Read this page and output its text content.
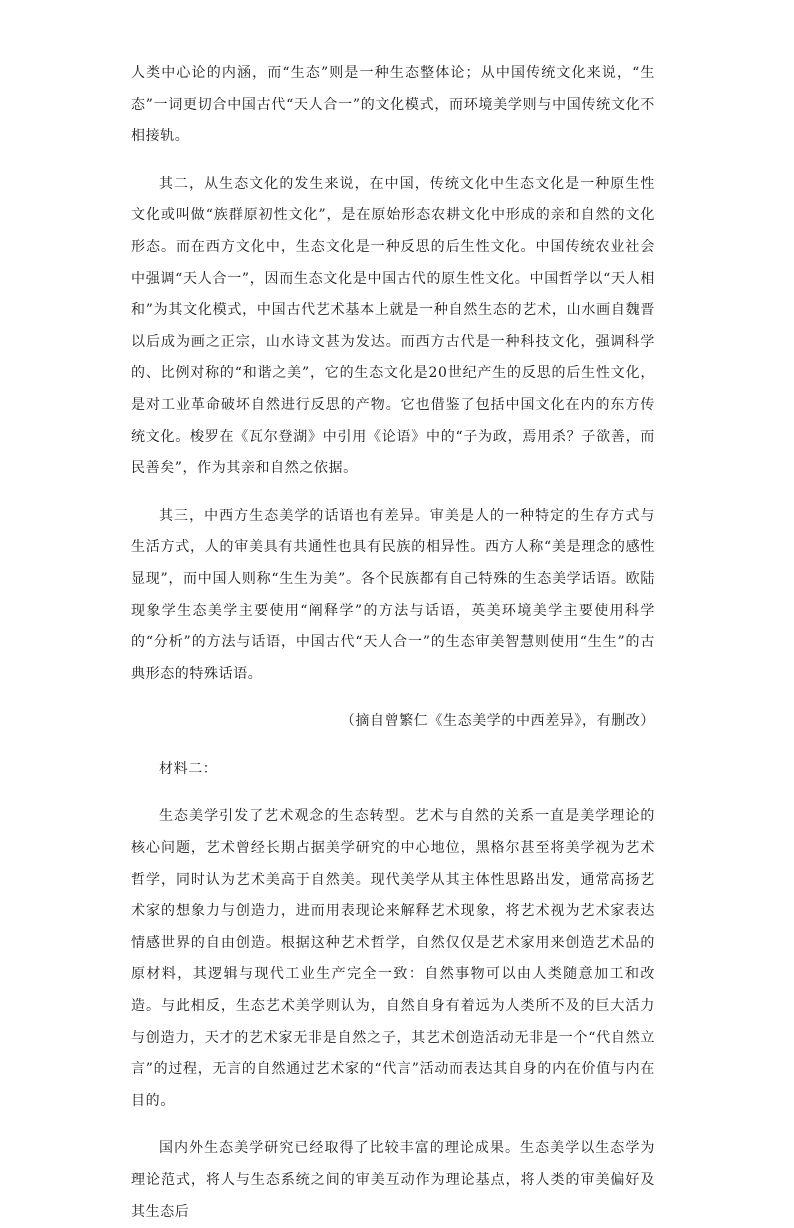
人类中心论的内涵，而“生态”则是一种生态整体论；从中国传统文化来说，“生态”一词更切合中国古代“天人合一”的文化模式，而环境美学则与中国传统文化不相接轨。

其二，从生态文化的发生来说，在中国，传统文化中生态文化是一种原生性文化或叫做“族群原初性文化”，是在原始形态农耕文化中形成的亲和自然的文化形态。而在西方文化中，生态文化是一种反思的后生性文化。中国传统农业社会中强调“天人合一”，因而生态文化是中国古代的原生性文化。中国哲学以“天人相和”为其文化模式，中国古代艺术基本上就是一种自然生态的艺术，山水画自魏晋以后成为画之正宗，山水诗文甚为发达。而西方古代是一种科技文化，强调科学的、比例对称的“和谐之美”，它的生态文化是20世纪产生的反思的后生性文化，是对工业革命破坏自然进行反思的产物。它也借鉴了包括中国文化在内的东方传统文化。梭罗在《瓦尔登湖》中引用《论语》中的“子为政，焉用杀？子欲善，而民善矣”，作为其亲和自然之依据。

其三，中西方生态美学的话语也有差异。审美是人的一种特定的生存方式与生活方式，人的审美具有共通性也具有民族的相异性。西方人称“美是理念的感性显现”，而中国人则称“生生为美”。各个民族都有自己特殊的生态美学话语。欧陆现象学生态美学主要使用“阐释学”的方法与话语，英美环境美学主要使用科学的“分析”的方法与话语，中国古代“天人合一”的生态审美智慧则使用“生生”的古典形态的特殊话语。

（摘自曾繁仁《生态美学的中西差异》，有删改）

材料二：

生态美学引发了艺术观念的生态转型。艺术与自然的关系一直是美学理论的核心问题，艺术曾经长期占据美学研究的中心地位，黑格尔甚至将美学视为艺术哲学，同时认为艺术美高于自然美。现代美学从其主体性思路出发，通常高扬艺术家的想象力与创造力，进而用表现论来解释艺术现象，将艺术视为艺术家表达情感世界的自由创造。根据这种艺术哲学，自然仅仅是艺术家用来创造艺术品的原材料，其逻辑与现代工业生产完全一致：自然事物可以由人类随意加工和改造。与此相反，生态艺术美学则认为，自然自身有着远为人类所不及的巨大活力与创造力，天才的艺术家无非是自然之子，其艺术创造活动无非是一个“代自然立言”的过程，无言的自然通过艺术家的“代言”活动而表达其自身的内在价值与内在目的。

国内外生态美学研究已经取得了比较丰富的理论成果。生态美学以生态学为理论范式，将人与生态系统之间的审美互动作为理论基点，将人类的审美偏好及其生态后
